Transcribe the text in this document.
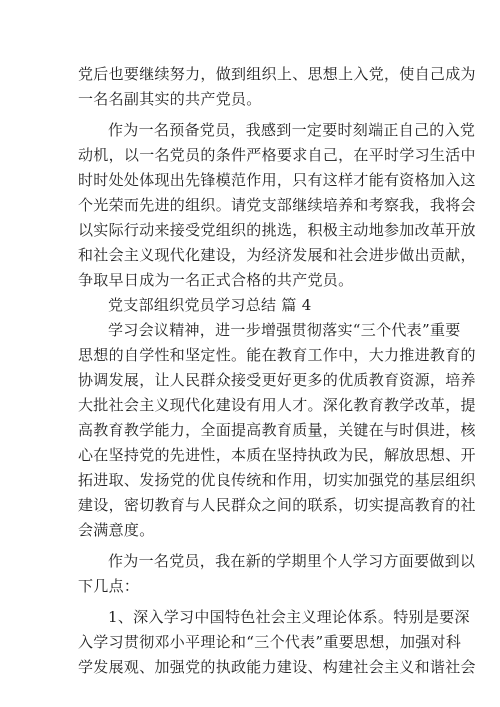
党后也要继续努力，做到组织上、思想上入党，使自己成为
一名名副其实的共产党员。
作为一名预备党员，我感到一定要时刻端正自己的入党
动机，以一名党员的条件严格要求自己，在平时学习生活中
时时处处体现出先锋模范作用，只有这样才能有资格加入这
个光荣而先进的组织。请党支部继续培养和考察我，我将会
以实际行动来接受党组织的挑选，积极主动地参加改革开放
和社会主义现代化建设，为经济发展和社会进步做出贡献，
争取早日成为一名正式合格的共产党员。
党支部组织党员学习总结 篇 4
学习会议精神，进一步增强贯彻落实“三个代表”重要
思想的自学性和坚定性。能在教育工作中，大力推进教育的
协调发展，让人民群众接受更好更多的优质教育资源，培养
大批社会主义现代化建设有用人才。深化教育教学改革，提
高教育教学能力，全面提高教育质量，关键在与时俱进，核
心在坚持党的先进性，本质在坚持执政为民，解放思想、开
拓进取、发扬党的优良传统和作用，切实加强党的基层组织
建设，密切教育与人民群众之间的联系，切实提高教育的社
会满意度。
作为一名党员，我在新的学期里个人学习方面要做到以
下几点：
1、深入学习中国特色社会主义理论体系。特别是要深
入学习贯彻邓小平理论和“三个代表”重要思想，加强对科
学发展观、加强党的执政能力建设、构建社会主义和谐社会
